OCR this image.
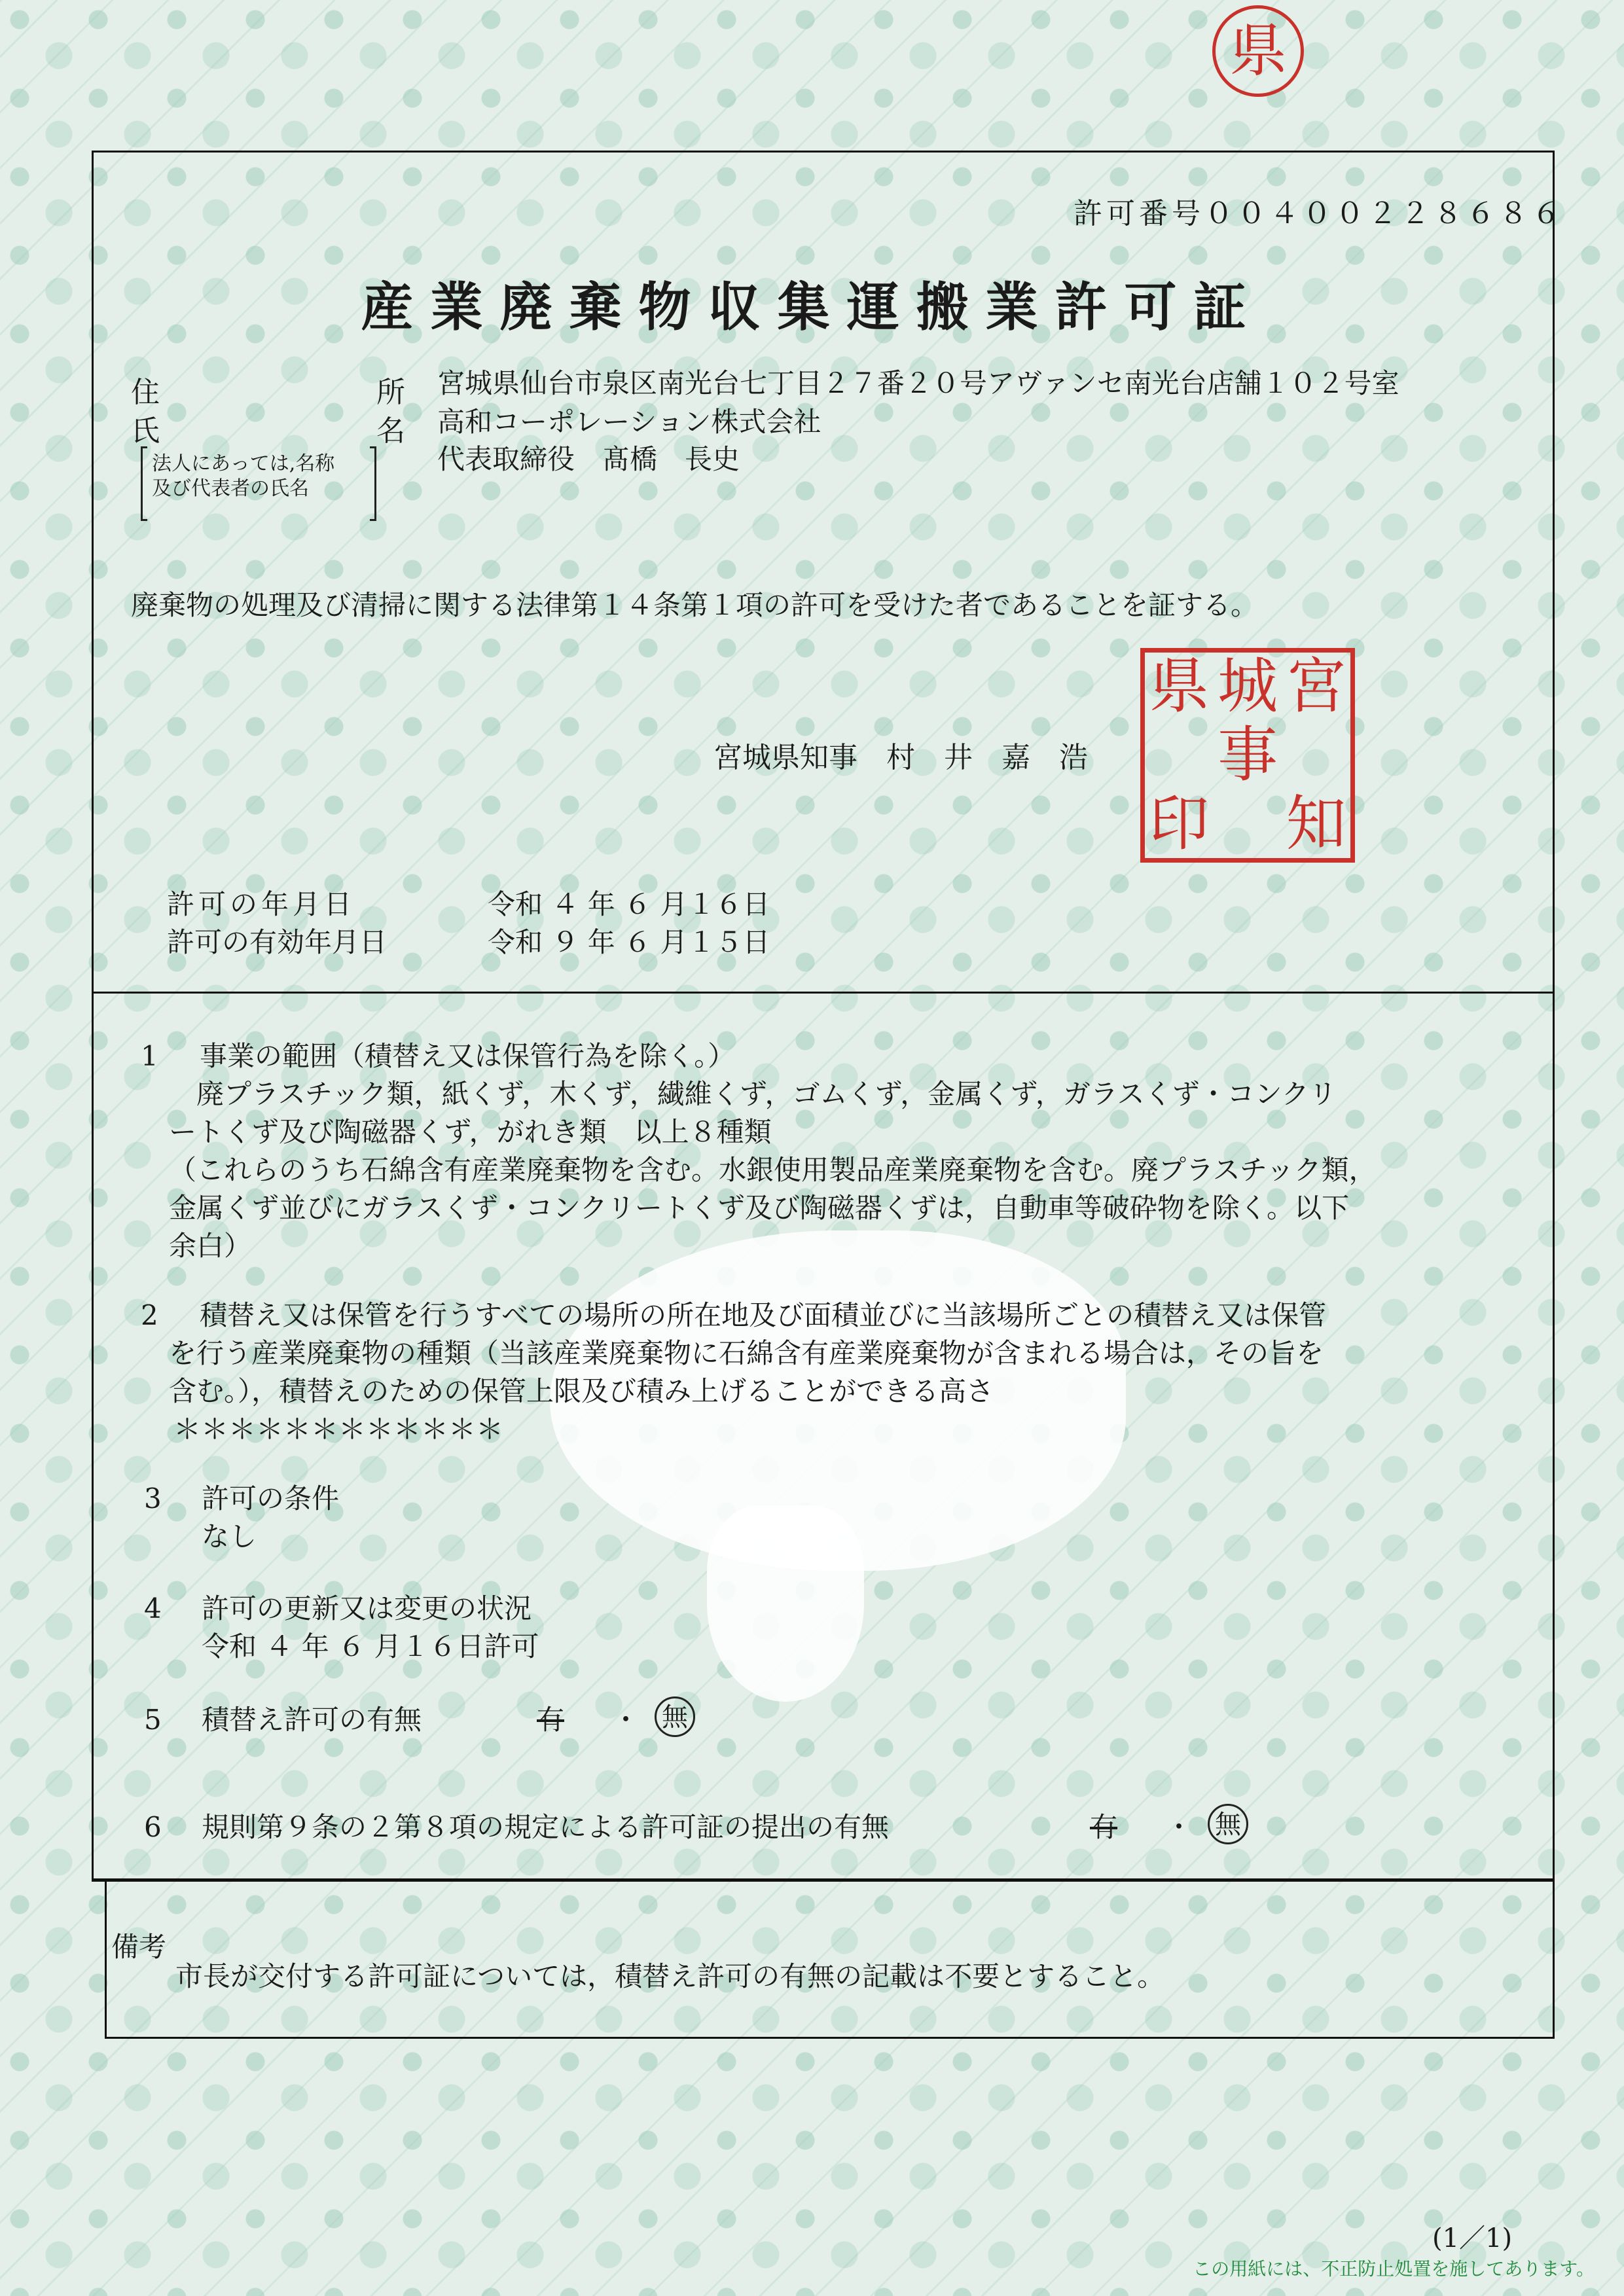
県
許可番号００４００２２８６８６
産業廃棄物収集運搬業許可証
住	所 宮城県仙台市泉区南光台七丁目２７番２０号アヴァンセ南光台店舗１０２号室
氏	名 高和コーポレーション株式会社
法人にあっては,名称
及び代表者の氏名
代表取締役　髙橋　長史
廃棄物の処理及び清掃に関する法律第１４条第１項の許可を受けた者であることを証する。
宮城県知事　村　井　嘉　浩
宮
城
県
知
事
印
許可の年月日	令和 ４ 年 ６ 月１６日
許可の有効年月日	令和 ９ 年 ６ 月１５日
1 事業の範囲（積替え又は保管行為を除く。）
廃プラスチック類，紙くず，木くず，繊維くず，ゴムくず，金属くず，ガラスくず・コンクリ
ートくず及び陶磁器くず，がれき類　以上８種類
（これらのうち石綿含有産業廃棄物を含む。水銀使用製品産業廃棄物を含む。廃プラスチック類，
金属くず並びにガラスくず・コンクリートくず及び陶磁器くずは，自動車等破砕物を除く。以下
余白）
2 積替え又は保管を行うすべての場所の所在地及び面積並びに当該場所ごとの積替え又は保管
を行う産業廃棄物の種類（当該産業廃棄物に石綿含有産業廃棄物が含まれる場合は，その旨を
含む。），積替えのための保管上限及び積み上げることができる高さ
＊＊＊＊＊＊＊＊＊＊＊＊
3 許可の条件
なし
4 許可の更新又は変更の状況
令和 ４ 年 ６ 月１６日許可
5 積替え許可の有無	有 ・ 無
6 規則第９条の２第８項の規定による許可証の提出の有無	有 ・ 無
備考
市長が交付する許可証については，積替え許可の有無の記載は不要とすること。
(1／1)
この用紙には、不正防止処置を施してあります。
